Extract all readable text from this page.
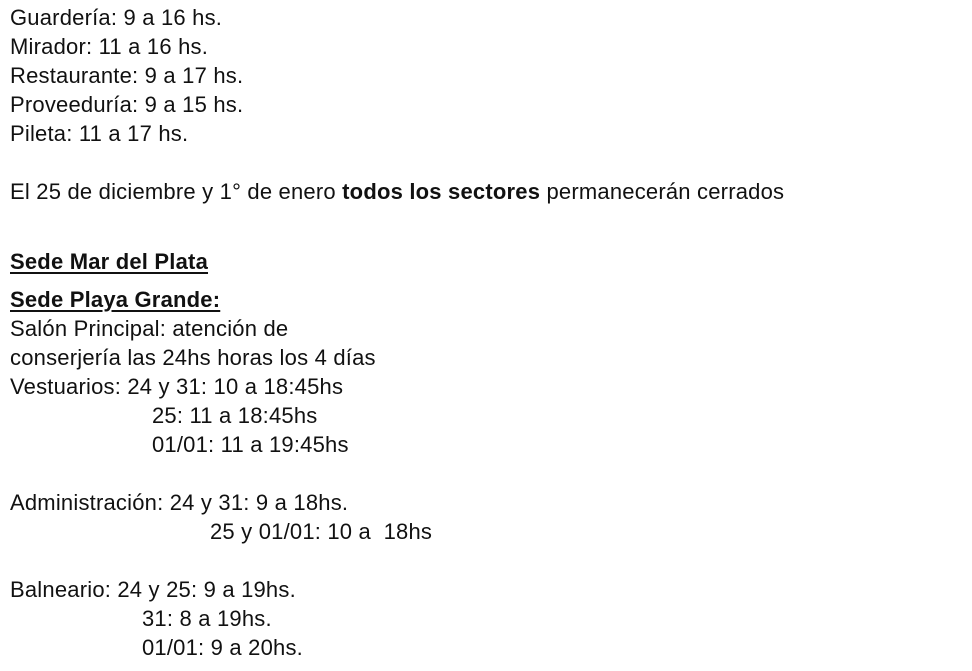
Guardería: 9 a 16 hs.
Mirador: 11 a 16 hs.
Restaurante: 9 a 17 hs.
Proveeduría: 9 a 15 hs.
Pileta: 11 a 17 hs.
El 25 de diciembre y 1° de enero todos los sectores permanecerán cerrados
Sede Mar del Plata
Sede Playa Grande:
Salón Principal: atención de
conserjería las 24hs horas los 4 días
Vestuarios: 24 y 31: 10 a 18:45hs
25: 11 a 18:45hs
01/01: 11 a 19:45hs
Administración: 24 y 31: 9 a 18hs.
25 y 01/01: 10 a  18hs
Balneario: 24 y 25: 9 a 19hs.
31: 8 a 19hs.
01/01: 9 a 20hs.
